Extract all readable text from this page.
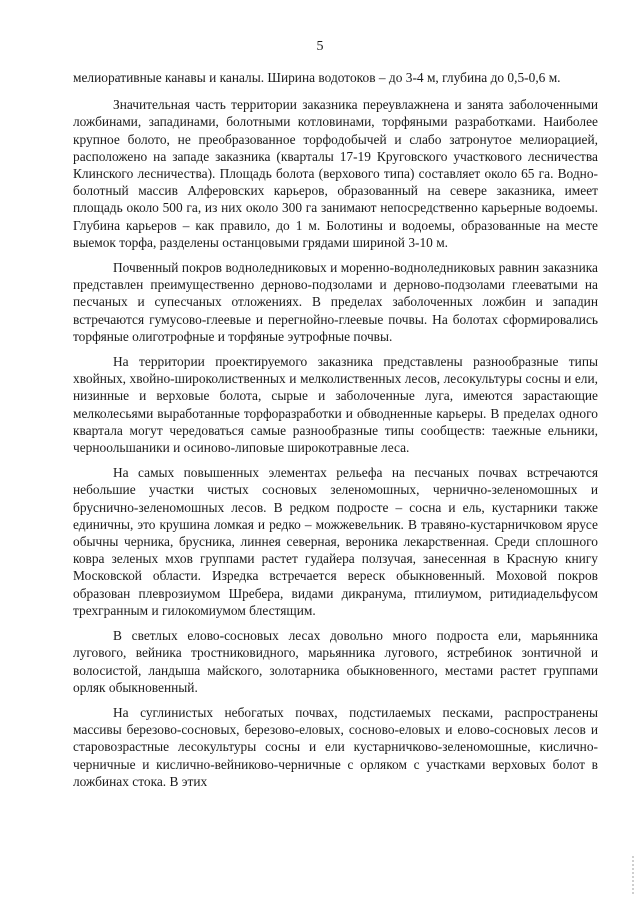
5

мелиоративные канавы и каналы. Ширина водотоков – до 3-4 м, глубина до 0,5-0,6 м.

Значительная часть территории заказника переувлажнена и занята заболоченными ложбинами, западинами, болотными котловинами, торфяными разработками. Наиболее крупное болото, не преобразованное торфодобычей и слабо затронутое мелиорацией, расположено на западе заказника (кварталы 17-19 Круговского участкового лесничества Клинского лесничества). Площадь болота (верхового типа) составляет около 65 га. Водно-болотный массив Алферовских карьеров, образованный на севере заказника, имеет площадь около 500 га, из них около 300 га занимают непосредственно карьерные водоемы. Глубина карьеров – как правило, до 1 м. Болотины и водоемы, образованные на месте выемок торфа, разделены останцовыми грядами шириной 3-10 м.

Почвенный покров водноледниковых и моренно-водноледниковых равнин заказника представлен преимущественно дерново-подзолами и дерново-подзолами глееватыми на песчаных и супесчаных отложениях. В пределах заболоченных ложбин и западин встречаются гумусово-глеевые и перегнойно-глеевые почвы. На болотах сформировались торфяные олиготрофные и торфяные эутрофные почвы.

На территории проектируемого заказника представлены разнообразные типы хвойных, хвойно-широколиственных и мелколиственных лесов, лесокультуры сосны и ели, низинные и верховые болота, сырые и заболоченные луга, имеются зарастающие мелколесьями выработанные торфоразработки и обводненные карьеры. В пределах одного квартала могут чередоваться самые разнообразные типы сообществ: таежные ельники, черноольшаники и осиново-липовые широкотравные леса.

На самых повышенных элементах рельефа на песчаных почвах встречаются небольшие участки чистых сосновых зеленомошных, чернично-зеленомошных и бруснично-зеленомошных лесов. В редком подросте – сосна и ель, кустарники также единичны, это крушина ломкая и редко – можжевельник. В травяно-кустарничковом ярусе обычны черника, брусника, линнея северная, вероника лекарственная. Среди сплошного ковра зеленых мхов группами растет гудайера ползучая, занесенная в Красную книгу Московской области. Изредка встречается вереск обыкновенный. Моховой покров образован плеврозиумом Шребера, видами дикранума, птилиумом, ритидиадельфусом трехгранным и гилокомиумом блестящим.

В светлых елово-сосновых лесах довольно много подроста ели, марьянника лугового, вейника тростниковидного, марьянника лугового, ястребинок зонтичной и волосистой, ландыша майского, золотарника обыкновенного, местами растет группами орляк обыкновенный.

На суглинистых небогатых почвах, подстилаемых песками, распространены массивы березово-сосновых, березово-еловых, сосново-еловых и елово-сосновых лесов и старовозрастные лесокультуры сосны и ели кустарничково-зеленомошные, кислично-черничные и кислично-вейниково-черничные с орляком с участками верховых болот в ложбинах стока. В этих
